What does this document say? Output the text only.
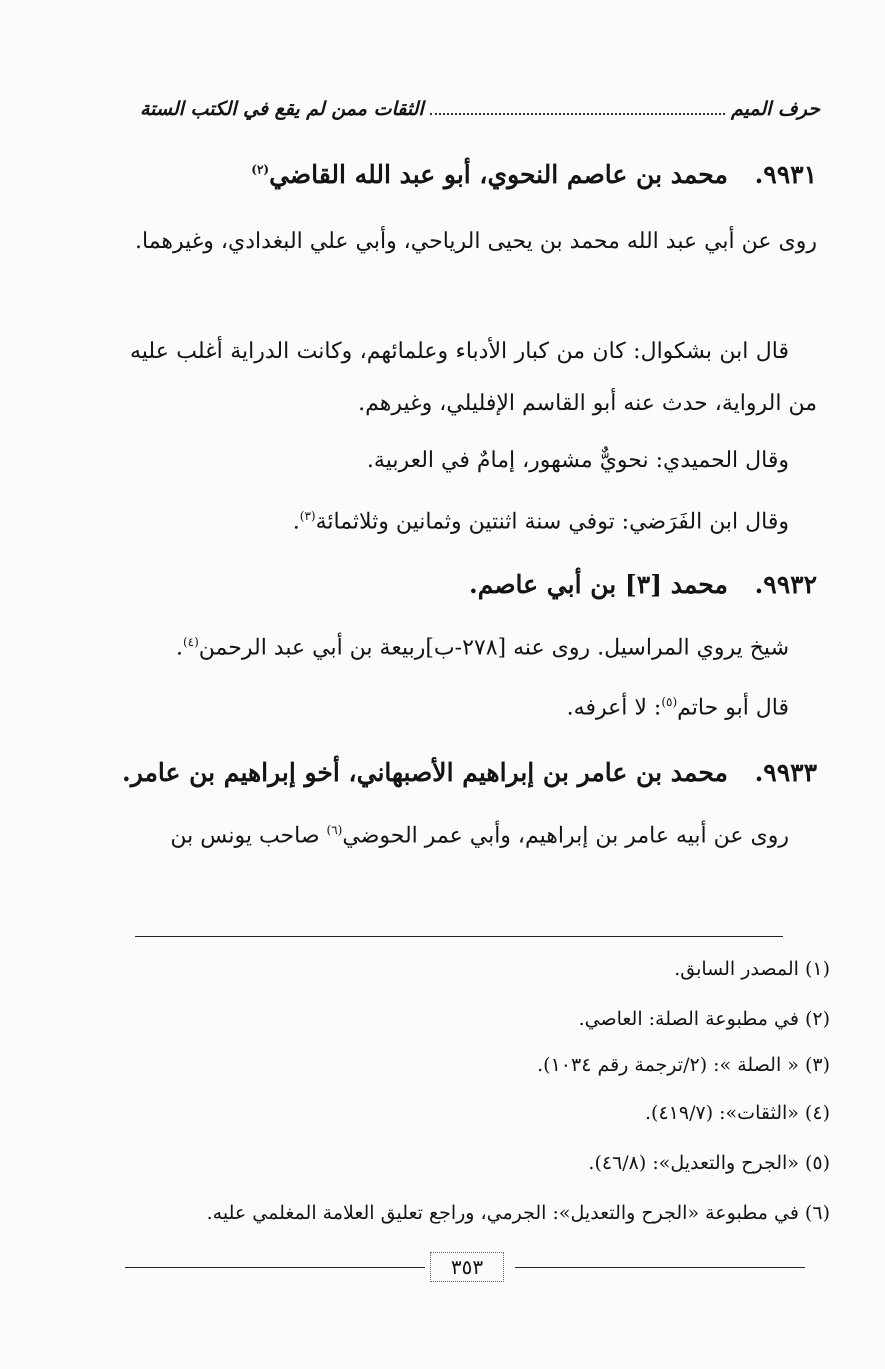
حرف الميم
الثقات ممن لم يقع في الكتب الستة
٩٩٣١. محمد بن عاصم النحوي، أبو عبد الله القاضي$^{(٢)}$
روى عن أبي عبد الله محمد بن يحيى الرياحي، وأبي علي البغدادي، وغيرهما.
قال ابن بشكوال: كان من كبار الأدباء وعلمائهم، وكانت الدراية أغلب عليه من الرواية، حدث عنه أبو القاسم الإفليلي، وغيرهم.
وقال الحميدي: نحويٌّ مشهور، إمامٌ في العربية.
وقال ابن الفَرَضي: توفي سنة اثنتين وثمانين وثلاثمائة$^{(٣)}$.
٩٩٣٢. محمد [٣] بن أبي عاصم.
شيخ يروي المراسيل. روى عنه [٢٧٨-ب]ربيعة بن أبي عبد الرحمن$^{(٤)}$.
قال أبو حاتم$^{(٥)}$: لا أعرفه.
٩٩٣٣. محمد بن عامر بن إبراهيم الأصبهاني، أخو إبراهيم بن عامر.
روى عن أبيه عامر بن إبراهيم، وأبي عمر الحوضي$^{(٦)}$ صاحب يونس بن
(١) المصدر السابق.
(٢) في مطبوعة الصلة: العاصي.
(٣) « الصلة »: (٢/ترجمة رقم ١٠٣٤).
(٤) «الثقات»: (٤١٩/٧).
(٥) «الجرح والتعديل»: (٤٦/٨).
(٦) في مطبوعة «الجرح والتعديل»: الجرمي، وراجع تعليق العلامة المغلمي عليه.
٣٥٣
